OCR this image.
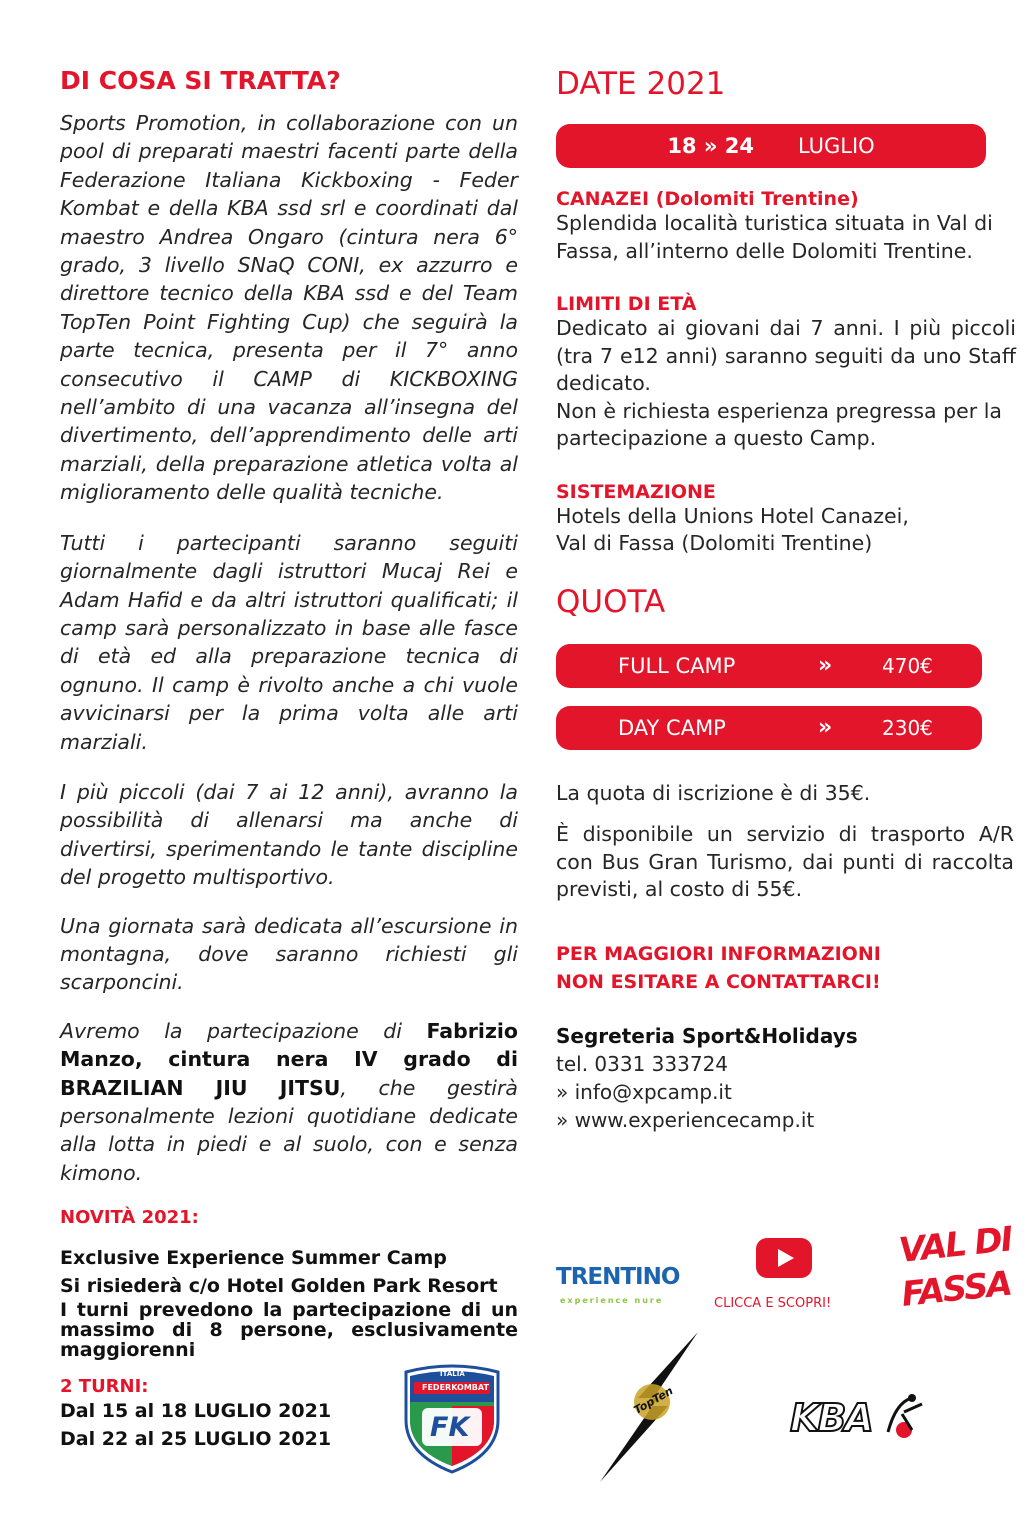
DI COSA SI TRATTA?

Sports Promotion, in collaborazione con un pool di preparati maestri facenti parte della Federazione Italiana Kickboxing - Feder Kombat e della KBA ssd srl e coordinati dal maestro Andrea Ongaro (cintura nera 6° grado, 3 livello SNaQ CONI, ex azzurro e direttore tecnico della KBA ssd e del Team TopTen Point Fighting Cup) che seguirà la parte tecnica, presenta per il 7° anno consecutivo il CAMP di KICKBOXING nell’ambito di una vacanza all’insegna del divertimento, dell’apprendimento delle arti marziali, della preparazione atletica volta al miglioramento delle qualità tecniche.

Tutti i partecipanti saranno seguiti giornalmente dagli istruttori Mucaj Rei e Adam Hafid e da altri istruttori qualificati; il camp sarà personalizzato in base alle fasce di età ed alla preparazione tecnica di ognuno. Il camp è rivolto anche a chi vuole avvicinarsi per la prima volta alle arti marziali.

I più piccoli (dai 7 ai 12 anni), avranno la possibilità di allenarsi ma anche di divertirsi, sperimentando le tante discipline del progetto multisportivo.

Una giornata sarà dedicata all’escursione in montagna, dove saranno richiesti gli scarponcini.

Avremo la partecipazione di Fabrizio Manzo, cintura nera IV grado di BRAZILIAN JIU JITSU, che gestirà personalmente lezioni quotidiane dedicate alla lotta in piedi e al suolo, con e senza kimono.

NOVITÀ 2021:
Exclusive Experience Summer Camp
Si risiederà c/o Hotel Golden Park Resort
I turni prevedono la partecipazione di un massimo di 8 persone, esclusivamente maggiorenni
2 TURNI:
Dal 15 al 18 LUGLIO 2021
Dal 22 al 25 LUGLIO 2021
ITALIA
FEDERKOMBAT
FK
DATE 2021
18 » 24 LUGLIO
CANAZEI (Dolomiti Trentine)
Splendida località turistica situata in Val di Fassa, all’interno delle Dolomiti Trentine.
LIMITI DI ETÀ
Dedicato ai giovani dai 7 anni. I più piccoli (tra 7 e12 anni) saranno seguiti da uno Staff dedicato.
Non è richiesta esperienza pregressa per la partecipazione a questo Camp.
SISTEMAZIONE
Hotels della Unions Hotel Canazei,
Val di Fassa (Dolomiti Trentine)
QUOTA
FULL CAMP	»	470€
DAY CAMP	»	230€
La quota di iscrizione è di 35€.
È disponibile un servizio di trasporto A/R con Bus Gran Turismo, dai punti di raccolta previsti, al costo di 55€.
PER MAGGIORI INFORMAZIONI
NON ESITARE A CONTATTARCI!
Segreteria Sport&Holidays
tel. 0331 333724
» info@xpcamp.it
» www.experiencecamp.it
TRENTINO
experience nure	CLICCA E SCOPRI!
VAL DI
FASSA
TopTen	KBA
